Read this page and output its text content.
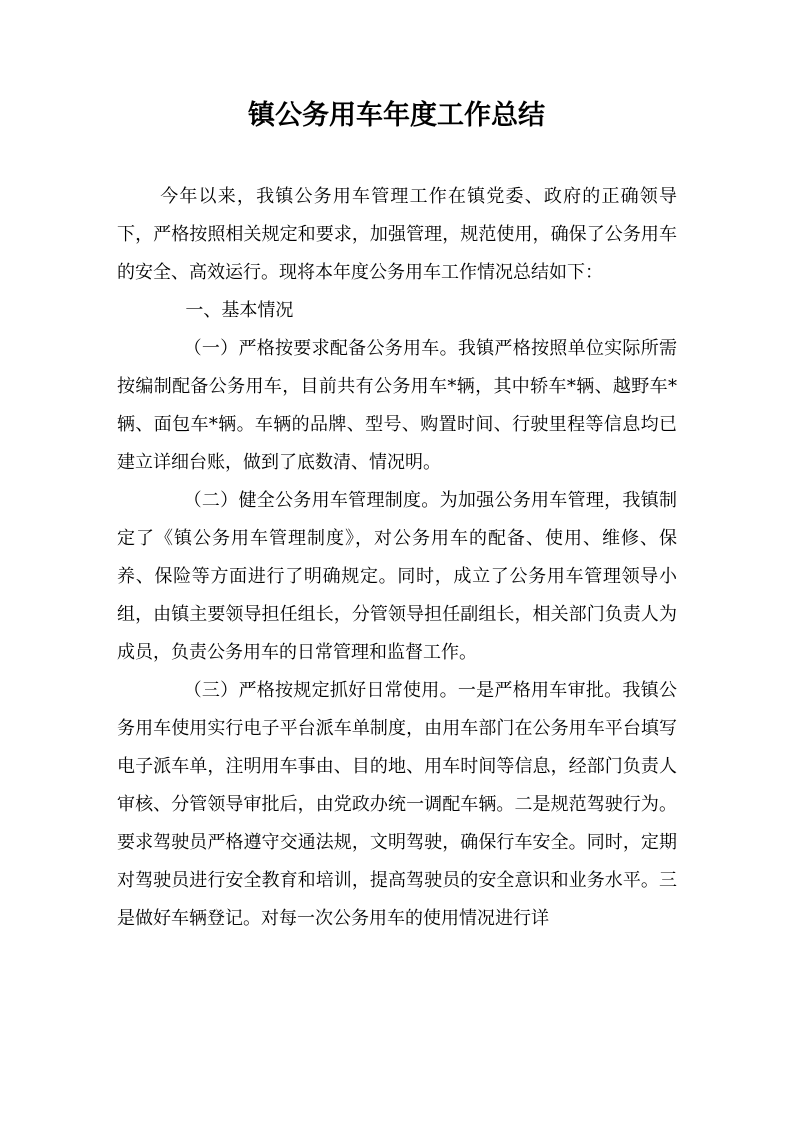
镇公务用车年度工作总结

今年以来，我镇公务用车管理工作在镇党委、政府的正确领导下，严格按照相关规定和要求，加强管理，规范使用，确保了公务用车的安全、高效运行。现将本年度公务用车工作情况总结如下：

一、基本情况

（一）严格按要求配备公务用车。我镇严格按照单位实际所需按编制配备公务用车，目前共有公务用车*辆，其中轿车*辆、越野车*辆、面包车*辆。车辆的品牌、型号、购置时间、行驶里程等信息均已建立详细台账，做到了底数清、情况明。

（二）健全公务用车管理制度。为加强公务用车管理，我镇制定了《镇公务用车管理制度》，对公务用车的配备、使用、维修、保养、保险等方面进行了明确规定。同时，成立了公务用车管理领导小组，由镇主要领导担任组长，分管领导担任副组长，相关部门负责人为成员，负责公务用车的日常管理和监督工作。

（三）严格按规定抓好日常使用。一是严格用车审批。我镇公务用车使用实行电子平台派车单制度，由用车部门在公务用车平台填写电子派车单，注明用车事由、目的地、用车时间等信息，经部门负责人审核、分管领导审批后，由党政办统一调配车辆。二是规范驾驶行为。要求驾驶员严格遵守交通法规，文明驾驶，确保行车安全。同时，定期对驾驶员进行安全教育和培训，提高驾驶员的安全意识和业务水平。三是做好车辆登记。对每一次公务用车的使用情况进行详
